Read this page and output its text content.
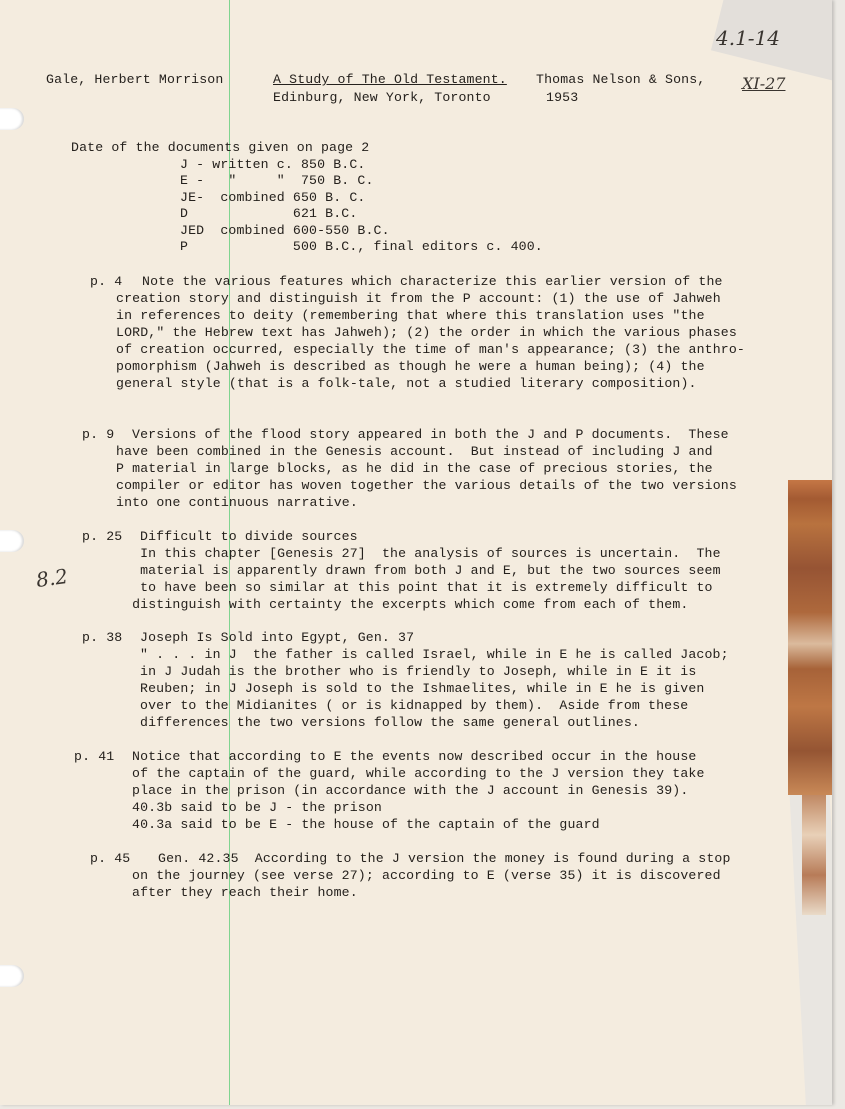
4.1-14
XI-27
8.2
Gale, Herbert Morrison	A Study of The Old Testament. Thomas Nelson & Sons,
Edinburg, New York, Toronto	1953
Date of the documents given on page 2
J - written c. 850 B.C.
E -   "     "  750 B. C.
JE-  combined 650 B. C.
D             621 B.C.
JED  combined 600-550 B.C.
P             500 B.C., final editors c. 400.
p. 4 Note the various features which characterize this earlier version of the
creation story and distinguish it from the P account: (1) the use of Jahweh
in references to deity (remembering that where this translation uses "the
LORD," the Hebrew text has Jahweh); (2) the order in which the various phases
of creation occurred, especially the time of man's appearance; (3) the anthro-
pomorphism (Jahweh is described as though he were a human being); (4) the
general style (that is a folk-tale, not a studied literary composition).
p. 9 Versions of the flood story appeared in both the J and P documents.  These
have been combined in the Genesis account.  But instead of including J and
P material in large blocks, as he did in the case of precious stories, the
compiler or editor has woven together the various details of the two versions
into one continuous narrative.
p. 25 Difficult to divide sources
In this chapter [Genesis 27]  the analysis of sources is uncertain.  The
material is apparently drawn from both J and E, but the two sources seem
to have been so similar at this point that it is extremely difficult to
distinguish with certainty the excerpts which come from each of them.
p. 38 Joseph Is Sold into Egypt, Gen. 37
" . . . in J  the father is called Israel, while in E he is called Jacob;
in J Judah is the brother who is friendly to Joseph, while in E it is
Reuben; in J Joseph is sold to the Ishmaelites, while in E he is given
over to the Midianites ( or is kidnapped by them).  Aside from these
differences the two versions follow the same general outlines.
p. 41 Notice that according to E the events now described occur in the house
of the captain of the guard, while according to the J version they take
place in the prison (in accordance with the J account in Genesis 39).
40.3b said to be J - the prison
40.3a said to be E - the house of the captain of the guard
p. 45 Gen. 42.35  According to the J version the money is found during a stop
on the journey (see verse 27); according to E (verse 35) it is discovered
after they reach their home.
